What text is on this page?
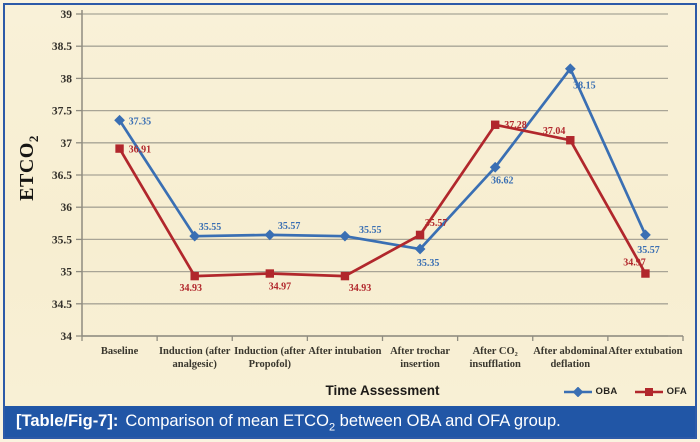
34
34.5
35
35.5
36
36.5
37
37.5
38
38.5
39
Baseline Induction (after
analgesic)
Induction (after
Propofol)
After intubation After trochar
insertion
After CO₂
insufflation
After abdominal
deflation
After extubation
37.35
35.55	35.57	35.55
35.35
36.62
38.15
35.57
36.91
34.93	34.97	34.93
35.57
37.28
37.04
34.97
$ETCO_2$
Time Assessment	OBA	OFA
[Table/Fig-7]: Comparison of mean $ETCO_2$ between OBA and OFA group.
